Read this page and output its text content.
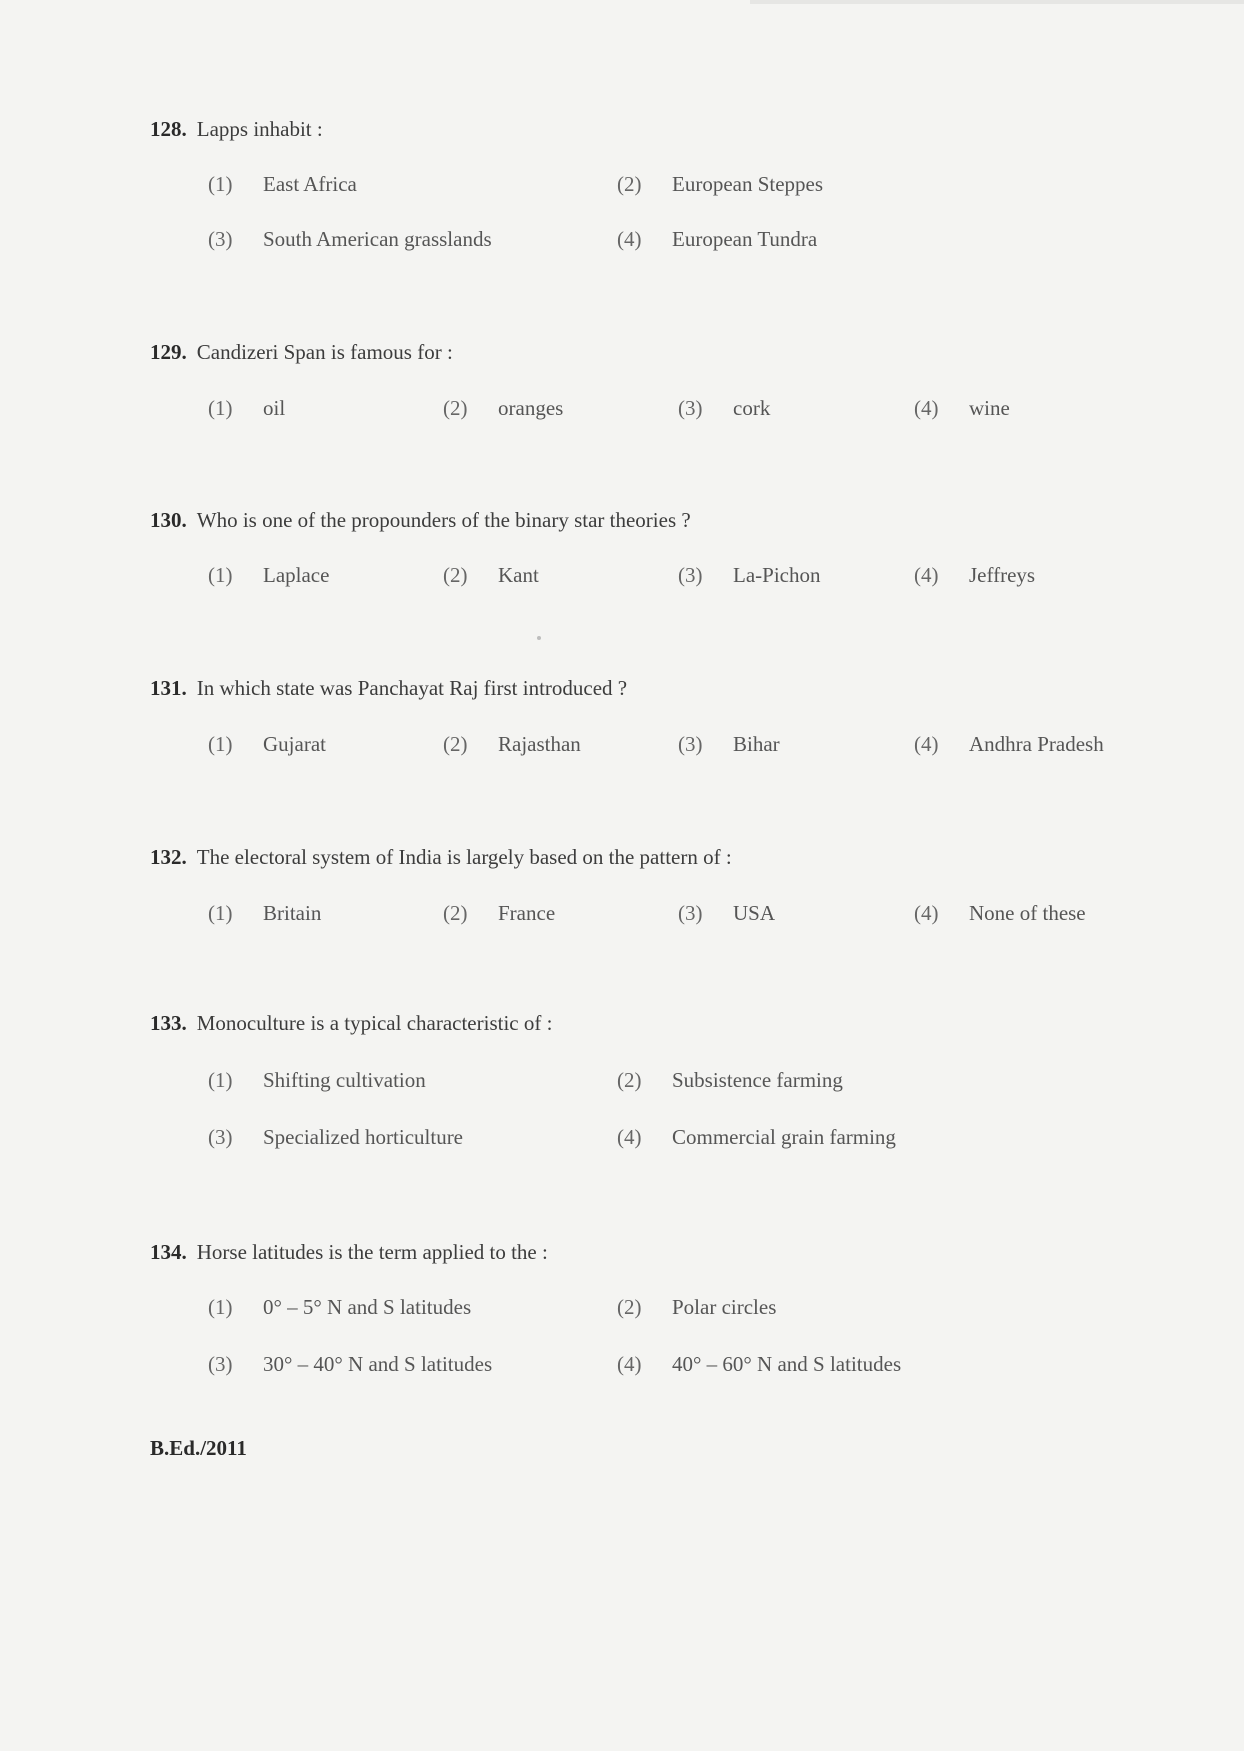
128. Lapps inhabit :
(1) East Africa	(2) European Steppes
(3) South American grasslands	(4) European Tundra
129. Candizeri Span is famous for :
(1) oil	(2) oranges	(3) cork	(4) wine
130. Who is one of the propounders of the binary star theories ?
(1) Laplace	(2) Kant	(3) La-Pichon	(4) Jeffreys
131. In which state was Panchayat Raj first introduced ?
(1) Gujarat	(2) Rajasthan	(3) Bihar	(4) Andhra Pradesh
132. The electoral system of India is largely based on the pattern of :
(1) Britain	(2) France	(3) USA	(4) None of these
133. Monoculture is a typical characteristic of :
(1) Shifting cultivation	(2) Subsistence farming
(3) Specialized horticulture	(4) Commercial grain farming
134. Horse latitudes is the term applied to the :
(1) 0° – 5° N and S latitudes	(2) Polar circles
(3) 30° – 40° N and S latitudes	(4) 40° – 60° N and S latitudes
B.Ed./2011
